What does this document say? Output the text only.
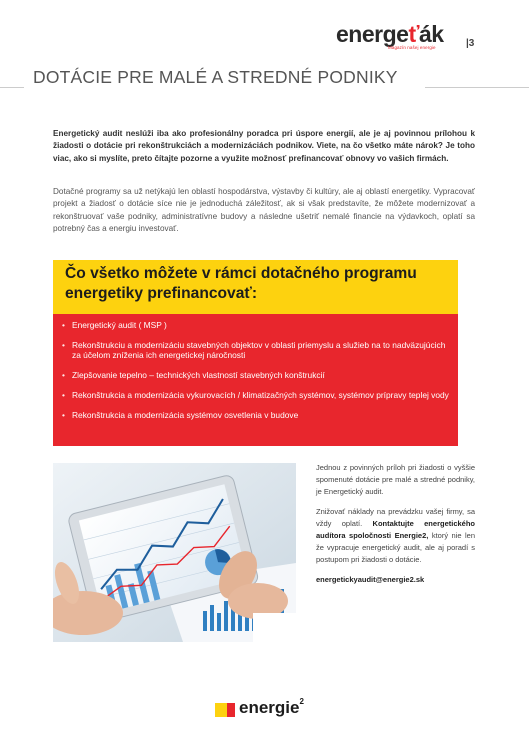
energeťák
Magazín našej energie	|3
DOTÁCIE PRE MALÉ A STREDNÉ PODNIKY
Energetický audit neslúži iba ako profesionálny poradca pri úspore energií, ale je aj povinnou prílohou k žiadosti o dotácie pri rekonštrukciách a modernizáciách podnikov. Viete, na čo všetko máte nárok? Je toho viac, ako si myslíte, preto čítajte pozorne a využite možnosť prefinancovať obnovy vo vašich firmách.
Dotačné programy sa už netýkajú len oblastí hospodárstva, výstavby či kultúry, ale aj oblastí energetiky. Vypracovať projekt a žiadosť o dotácie síce nie je jednoduchá záležitosť, ak si však predstavíte, že môžete modernizovať a rekonštruovať vaše podniky, administratívne budovy a následne ušetriť nemalé financie na výdavkoch, oplatí sa potrebný čas a energiu investovať.
Čo všetko môžete v rámci dotačného programu energetiky prefinancovať:
• Energetický audit ( MSP )
• Rekonštrukciu a modernizáciu stavebných objektov v oblasti priemyslu a služieb na to nadväzujúcich za účelom zníženia ich energetickej náročnosti
• Zlepšovanie tepelno – technických vlastností stavebných konštrukcií
• Rekonštrukcia a modernizácia vykurovacích / klimatizačných systémov, systémov prípravy teplej vody
• Rekonštrukcia a modernizácia systémov osvetlenia v budove

Jednou z povinných príloh pri žiadosti o vyššie spomenuté dotácie pre malé a stredné podniky, je Energetický audit.

Znižovať náklady na prevádzku vašej firmy, sa vždy oplatí. Kontaktujte energetického audítora spoločnosti Energie2, ktorý nie len že vypracuje energetický audit, ale aj poradí s postupom pri žiadosti o dotácie.

energetickyaudit@energie2.sk

energie$^2$
